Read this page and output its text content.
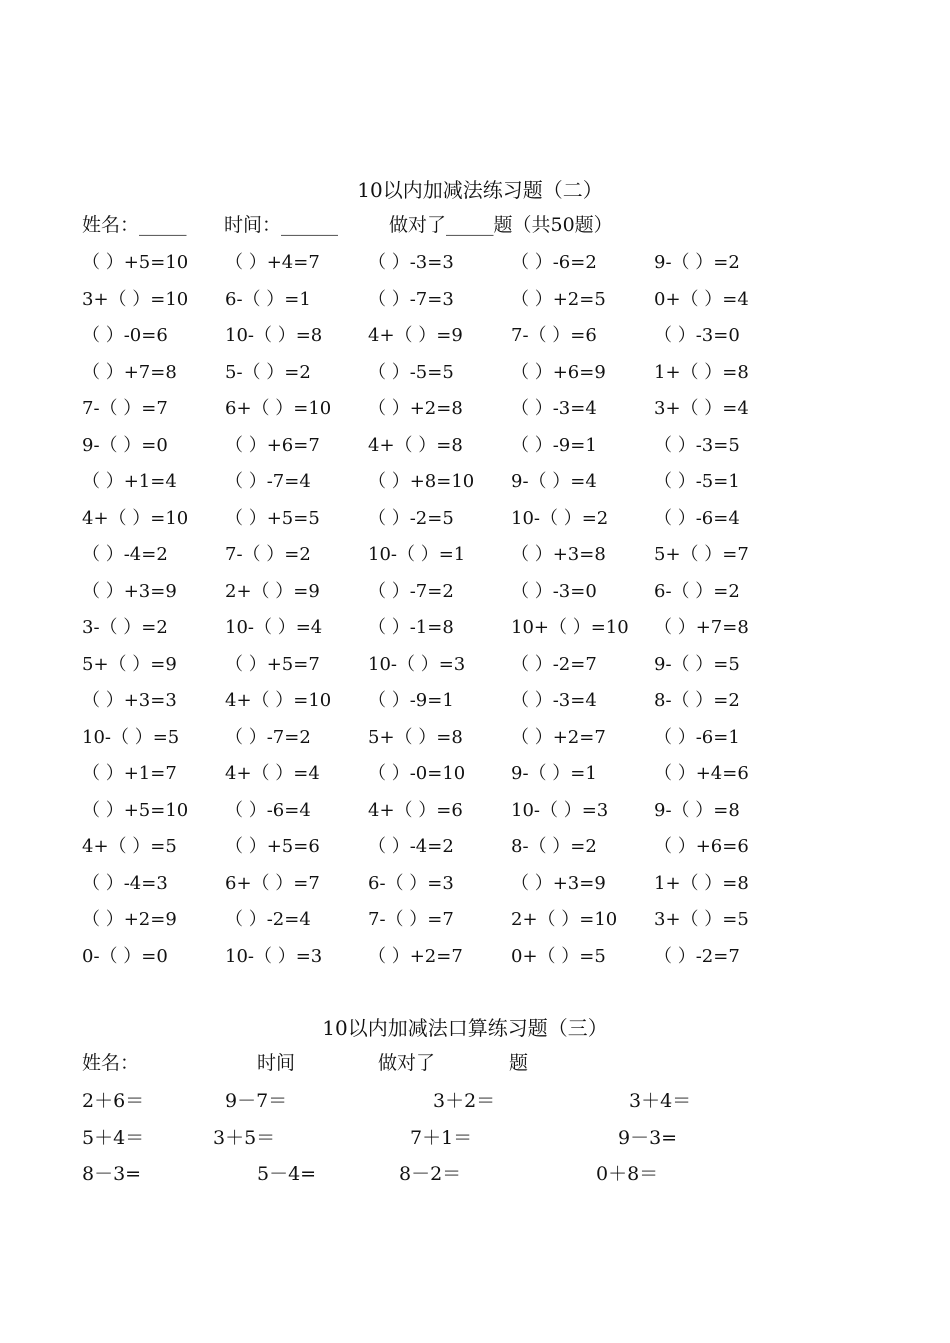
10以内加减法练习题（二）
姓名：_____ 时间：______	做对了_____题（共50题）
（ ）+5=10 （ ）+4=7	（ ）-3=3	（ ）-6=2	9-（ ）=2
3+（ ）=10 6-（ ）=1	（ ）-7=3	（ ）+2=5	0+（ ）=4
（ ）-0=6	10-（ ）=8	4+（ ）=9	7-（ ）=6	（ ）-3=0
（ ）+7=8	5-（ ）=2	（ ）-5=5	（ ）+6=9	1+（ ）=8
7-（ ）=7	6+（ ）=10 （ ）+2=8	（ ）-3=4	3+（ ）=4
9-（ ）=0	（ ）+6=7	4+（ ）=8	（ ）-9=1	（ ）-3=5
（ ）+1=4	（ ）-7=4	（ ）+8=10 9-（ ）=4	（ ）-5=1
4+（ ）=10 （ ）+5=5	（ ）-2=5	10-（ ）=2	（ ）-6=4
（ ）-4=2	7-（ ）=2	10-（ ）=1	（ ）+3=8	5+（ ）=7
（ ）+3=9	2+（ ）=9	（ ）-7=2	（ ）-3=0	6-（ ）=2
3-（ ）=2	10-（ ）=4	（ ）-1=8	10+（ ）=10 （ ）+7=8
5+（ ）=9	（ ）+5=7	10-（ ）=3	（ ）-2=7	9-（ ）=5
（ ）+3=3	4+（ ）=10 （ ）-9=1	（ ）-3=4	8-（ ）=2
10-（ ）=5	（ ）-7=2	5+（ ）=8	（ ）+2=7	（ ）-6=1
（ ）+1=7	4+（ ）=4	（ ）-0=10	9-（ ）=1	（ ）+4=6
（ ）+5=10 （ ）-6=4	4+（ ）=6	10-（ ）=3	9-（ ）=8
4+（ ）=5	（ ）+5=6	（ ）-4=2	8-（ ）=2	（ ）+6=6
（ ）-4=3	6+（ ）=7	6-（ ）=3	（ ）+3=9	1+（ ）=8
（ ）+2=9	（ ）-2=4	7-（ ）=7	2+（ ）=10 3+（ ）=5
0-（ ）=0	10-（ ）=3	（ ）+2=7	0+（ ）=5	（ ）-2=7
10以内加减法口算练习题（三）
姓名：	时间	做对了	题
2＋6＝	9－7＝	3＋2＝	3＋4＝
5＋4＝	3＋5＝	7＋1＝	9－3=
8－3=	5－4=	8－2＝	0＋8＝
